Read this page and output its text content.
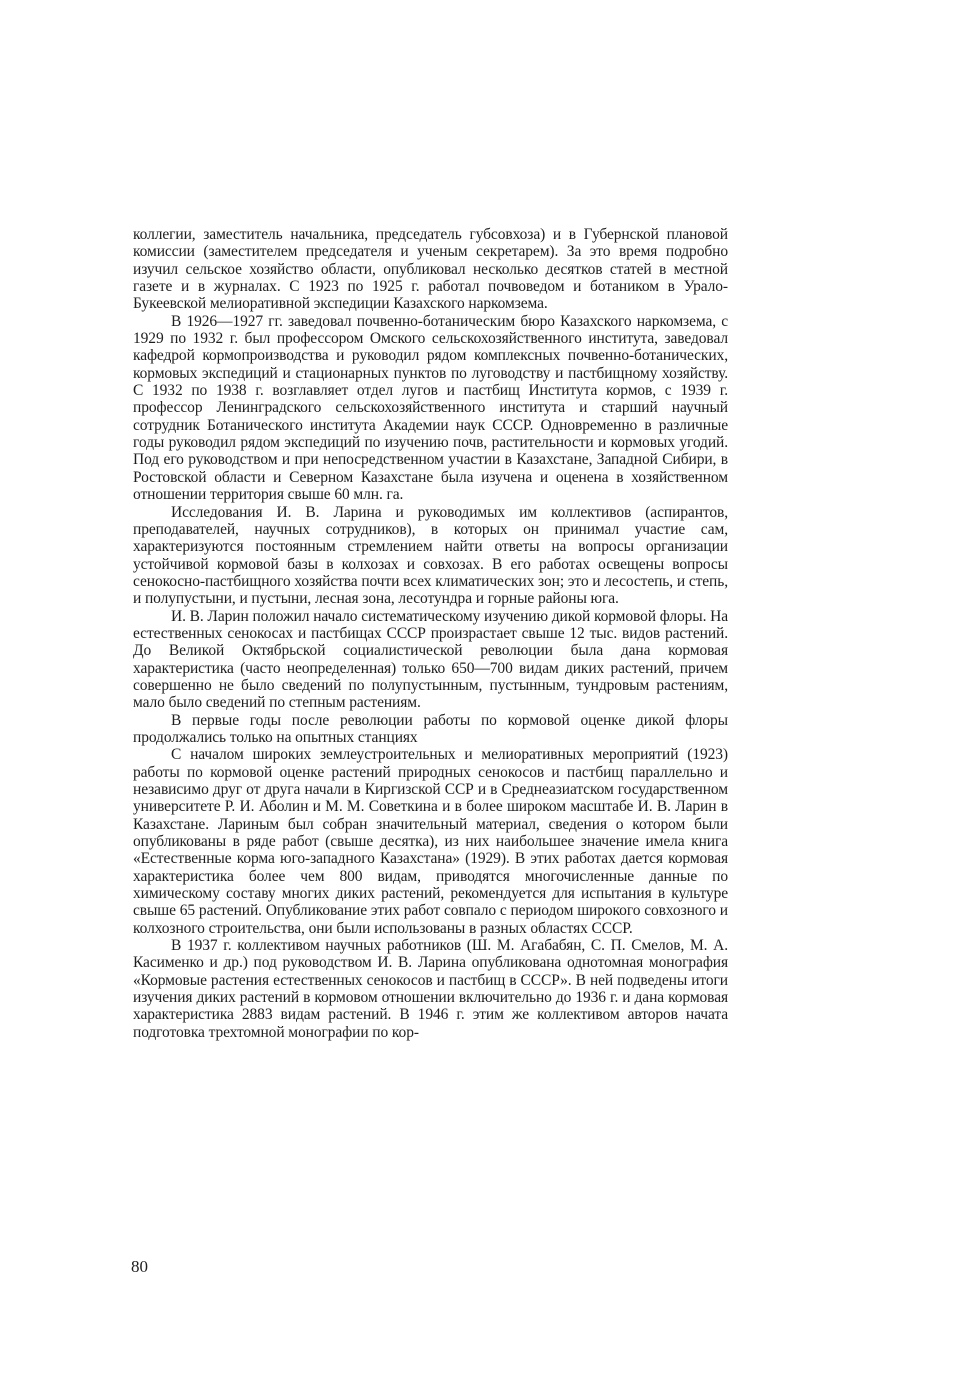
коллегии, заместитель начальника, председатель губсовхоза) и в Губернской плановой комиссии (заместителем председателя и ученым секретарем). За это время подробно изучил сельское хозяйство области, опубликовал несколько десятков статей в местной газете и в журналах. С 1923 по 1925 г. работал почвоведом и ботаником в Урало-Букеевской мелиоративной экспедиции Казахского наркомзема.

В 1926—1927 гг. заведовал почвенно-ботаническим бюро Казахского наркомзема, с 1929 по 1932 г. был профессором Омского сельскохозяйственного института, заведовал кафедрой кормопроизводства и руководил рядом комплексных почвенно-ботанических, кормовых экспедиций и стационарных пунктов по луговодству и пастбищному хозяйству. С 1932 по 1938 г. возглавляет отдел лугов и пастбищ Института кормов, с 1939 г. профессор Ленинградского сельскохозяйственного института и старший научный сотрудник Ботанического института Академии наук СССР. Одновременно в различные годы руководил рядом экспедиций по изучению почв, растительности и кормовых угодий. Под его руководством и при непосредственном участии в Казахстане, Западной Сибири, в Ростовской области и Северном Казахстане была изучена и оценена в хозяйственном отношении территория свыше 60 млн. га.

Исследования И. В. Ларина и руководимых им коллективов (аспирантов, преподавателей, научных сотрудников), в которых он принимал участие сам, характеризуются постоянным стремлением найти ответы на вопросы организации устойчивой кормовой базы в колхозах и совхозах. В его работах освещены вопросы сенокосно-пастбищного хозяйства почти всех климатических зон; это и лесостепь, и степь, и полупустыни, и пустыни, лесная зона, лесотундра и горные районы юга.

И. В. Ларин положил начало систематическому изучению дикой кормовой флоры. На естественных сенокосах и пастбищах СССР произрастает свыше 12 тыс. видов растений. До Великой Октябрьской социалистической революции была дана кормовая характеристика (часто неопределенная) только 650—700 видам диких растений, причем совершенно не было сведений по полупустынным, пустынным, тундровым растениям, мало было сведений по степным растениям.

В первые годы после революции работы по кормовой оценке дикой флоры продолжались только на опытных станциях

С началом широких землеустроительных и мелиоративных мероприятий (1923) работы по кормовой оценке растений природных сенокосов и пастбищ параллельно и независимо друг от друга начали в Киргизской ССР и в Среднеазиатском государственном университете Р. И. Аболин и М. М. Советкина и в более широком масштабе И. В. Ларин в Казахстане. Лариным был собран значительный материал, сведения о котором были опубликованы в ряде работ (свыше десятка), из них наибольшее значение имела книга «Естественные корма юго-западного Казахстана» (1929). В этих работах дается кормовая характеристика более чем 800 видам, приводятся многочисленные данные по химическому составу многих диких растений, рекомендуется для испытания в культуре свыше 65 растений. Опубликование этих работ совпало с периодом широкого совхозного и колхозного строительства, они были использованы в разных областях СССР.

В 1937 г. коллективом научных работников (Ш. М. Агабабян, С. П. Смелов, М. А. Касименко и др.) под руководством И. В. Ларина опубликована однотомная монография «Кормовые растения естественных сенокосов и пастбищ в СССР». В ней подведены итоги изучения диких растений в кормовом отношении включительно до 1936 г. и дана кормовая характеристика 2883 видам растений. В 1946 г. этим же коллективом авторов начата подготовка трехтомной монографии по кор-

80
